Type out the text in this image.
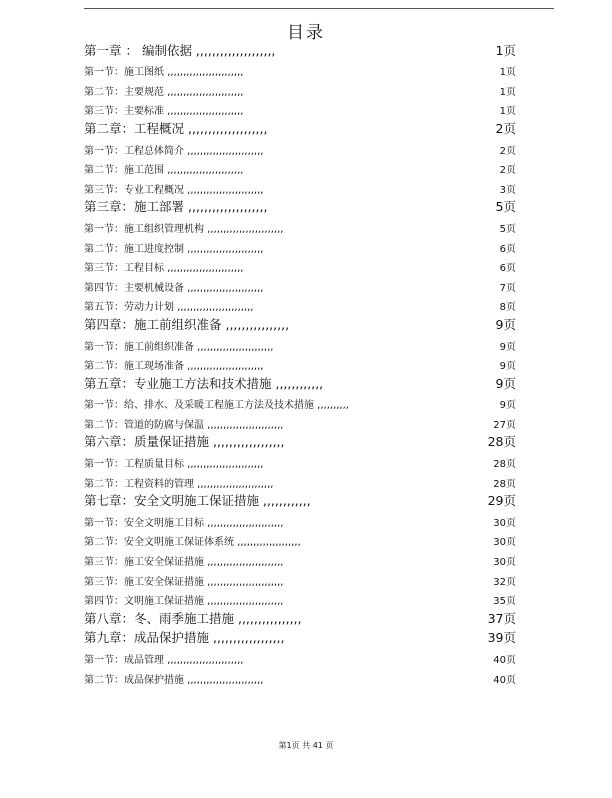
目录
第一章 ： 编制依据 ,,,,,,,,,,,,,,,,,,,,	1页
第一节：施工图纸 ,,,,,,,,,,,,,,,,,,,,,,,,	1页
第二节：主要规范 ,,,,,,,,,,,,,,,,,,,,,,,,	1页
第三节：主要标准 ,,,,,,,,,,,,,,,,,,,,,,,,	1页
第二章：工程概况 ,,,,,,,,,,,,,,,,,,,,	2页
第一节：工程总体简介 ,,,,,,,,,,,,,,,,,,,,,,,,	2页
第二节：施工范围 ,,,,,,,,,,,,,,,,,,,,,,,,	2页
第三节：专业工程概况 ,,,,,,,,,,,,,,,,,,,,,,,,	3页
第三章：施工部署 ,,,,,,,,,,,,,,,,,,,,	5页
第一节：施工组织管理机构 ,,,,,,,,,,,,,,,,,,,,,,,,	5页
第二节：施工进度控制 ,,,,,,,,,,,,,,,,,,,,,,,,	6页
第三节：工程目标 ,,,,,,,,,,,,,,,,,,,,,,,,	6页
第四节：主要机械设备 ,,,,,,,,,,,,,,,,,,,,,,,,	7页
第五节：劳动力计划 ,,,,,,,,,,,,,,,,,,,,,,,,	8页
第四章：施工前组织准备 ,,,,,,,,,,,,,,,,	9页
第一节：施工前组织准备 ,,,,,,,,,,,,,,,,,,,,,,,,	9页
第二节：施工现场准备 ,,,,,,,,,,,,,,,,,,,,,,,,	9页
第五章：专业施工方法和技术措施 ,,,,,,,,,,,,	9页
第一节：给、排水、及采暖工程施工方法及技术措施 ,,,,,,,,,,	9页
第二节：管道的防腐与保温 ,,,,,,,,,,,,,,,,,,,,,,,,	27页
第六章：质量保证措施 ,,,,,,,,,,,,,,,,,,	28页
第一节：工程质量目标 ,,,,,,,,,,,,,,,,,,,,,,,,	28页
第二节：工程资料的管理 ,,,,,,,,,,,,,,,,,,,,,,,,	28页
第七章：安全文明施工保证措施 ,,,,,,,,,,,,	29页
第一节：安全文明施工目标 ,,,,,,,,,,,,,,,,,,,,,,,,	30页
第二节：安全文明施工保证体系统 ,,,,,,,,,,,,,,,,,,,,	30页
第三节：施工安全保证措施 ,,,,,,,,,,,,,,,,,,,,,,,,	30页
第三节：施工安全保证措施 ,,,,,,,,,,,,,,,,,,,,,,,,	32页
第四节：文明施工保证措施 ,,,,,,,,,,,,,,,,,,,,,,,,	35页
第八章：冬、雨季施工措施 ,,,,,,,,,,,,,,,,	37页
第九章：成品保护措施 ,,,,,,,,,,,,,,,,,,	39页
第一节：成品管理 ,,,,,,,,,,,,,,,,,,,,,,,,	40页
第二节：成品保护措施 ,,,,,,,,,,,,,,,,,,,,,,,,	40页
第1页 共 41 页
